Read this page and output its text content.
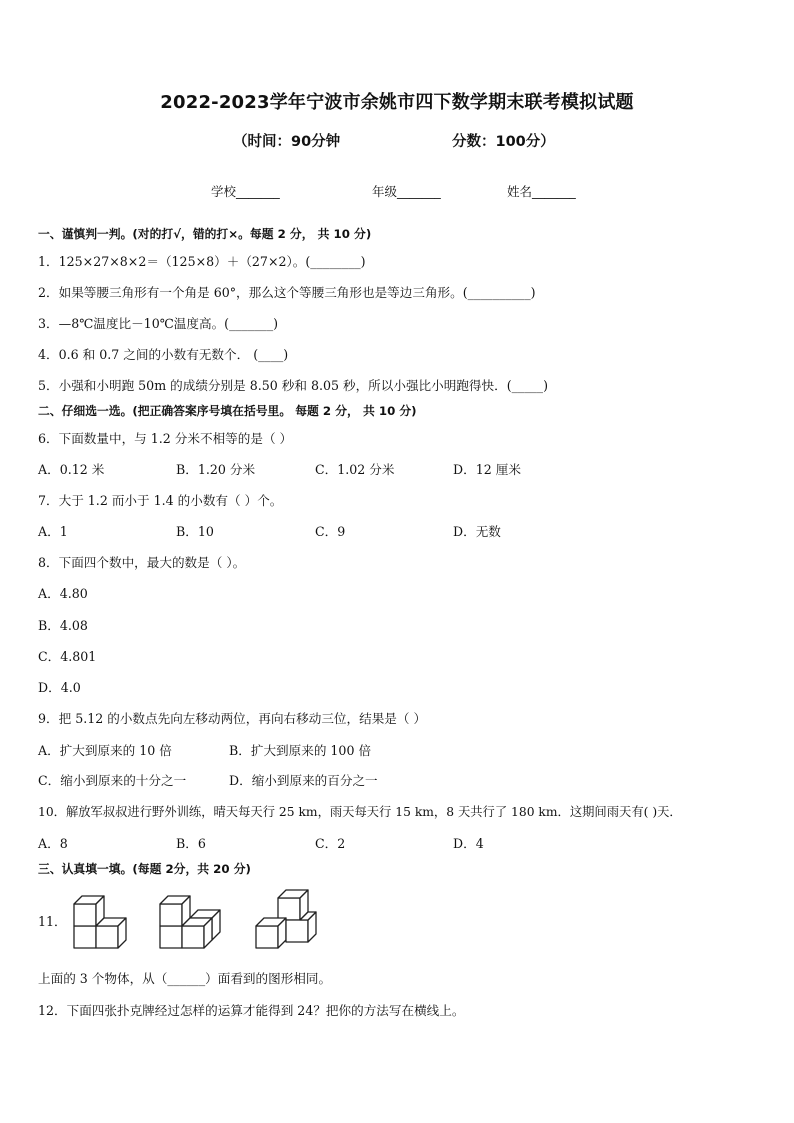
2022-2023学年宁波市余姚市四下数学期末联考模拟试题
（时间：90分钟	分数：100分）
学校_______	年级_______	姓名_______
一、谨慎判一判。(对的打√，错的打×。每题 2 分， 共 10 分)
1．125×27×8×2＝（125×8）＋（27×2）。(________)
2．如果等腰三角形有一个角是 60°，那么这个等腰三角形也是等边三角形。(__________)
3．—8℃温度比－10℃温度高。(_______)
4．0.6 和 0.7 之间的小数有无数个． (____)
5．小强和小明跑 50m 的成绩分别是 8.50 秒和 8.05 秒，所以小强比小明跑得快．(_____)
二、仔细选一选。(把正确答案序号填在括号里。 每题 2 分， 共 10 分)
6．下面数量中，与 1.2 分米不相等的是（ ）
A．0.12 米	B．1.20 分米	C．1.02 分米	D．12 厘米
7．大于 1.2 而小于 1.4 的小数有（ ）个。
A．1	B．10	C．9	D．无数
8．下面四个数中，最大的数是（ ）。
A．4.80
B．4.08
C．4.801
D．4.0
9．把 5.12 的小数点先向左移动两位，再向右移动三位，结果是（ ）
A．扩大到原来的 10 倍	B．扩大到原来的 100 倍
C．缩小到原来的十分之一	D．缩小到原来的百分之一
10．解放军叔叔进行野外训练，晴天每天行 25 km，雨天每天行 15 km，8 天共行了 180 km．这期间雨天有( )天．
A．8	B．6	C．2	D．4
三、认真填一填。(每题 2分，共 20 分)
11．
上面的 3 个物体，从（______）面看到的图形相同。
12．下面四张扑克牌经过怎样的运算才能得到 24？把你的方法写在横线上。
